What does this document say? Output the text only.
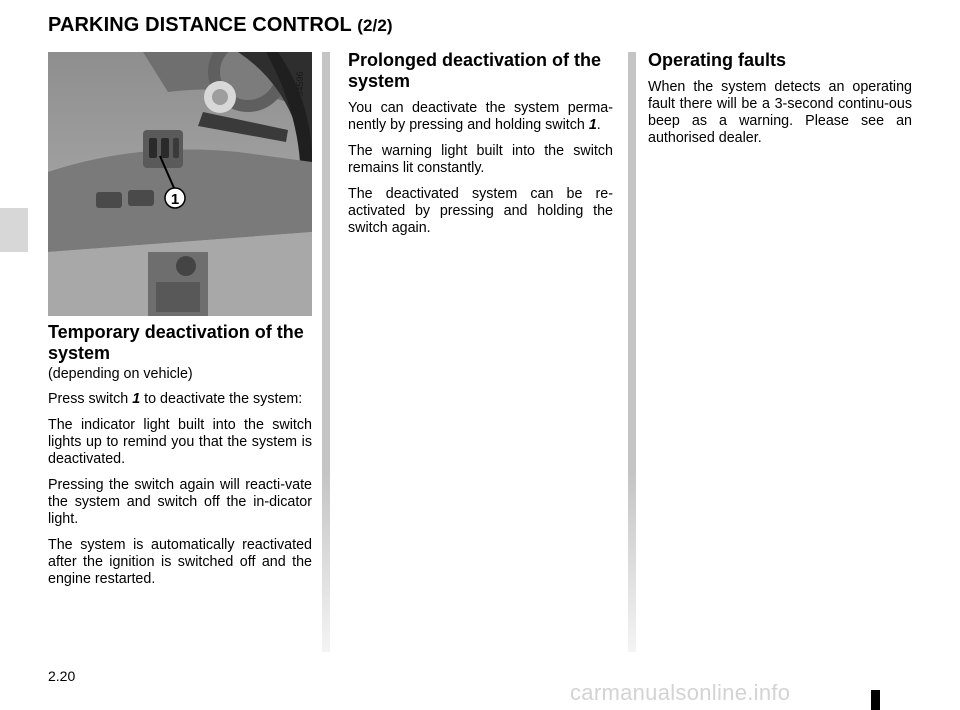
PARKING DISTANCE CONTROL (2/2)
1
34596
Temporary deactivation of the system

(depending on vehicle)

Press switch 1 to deactivate the system:

The indicator light built into the switch lights up to remind you that the system is deactivated.

Pressing the switch again will reacti-vate the system and switch off the in-dicator light.

The system is automatically reactivated after the ignition is switched off and the engine restarted.

Prolonged deactivation of the system

You can deactivate the system perma-nently by pressing and holding switch 1.

The warning light built into the switch remains lit constantly.

The deactivated system can be re-activated by pressing and holding the switch again.

Operating faults

When the system detects an operating fault there will be a 3-second continu-ous beep as a warning. Please see an authorised dealer.

2.20
carmanualsonline.info
